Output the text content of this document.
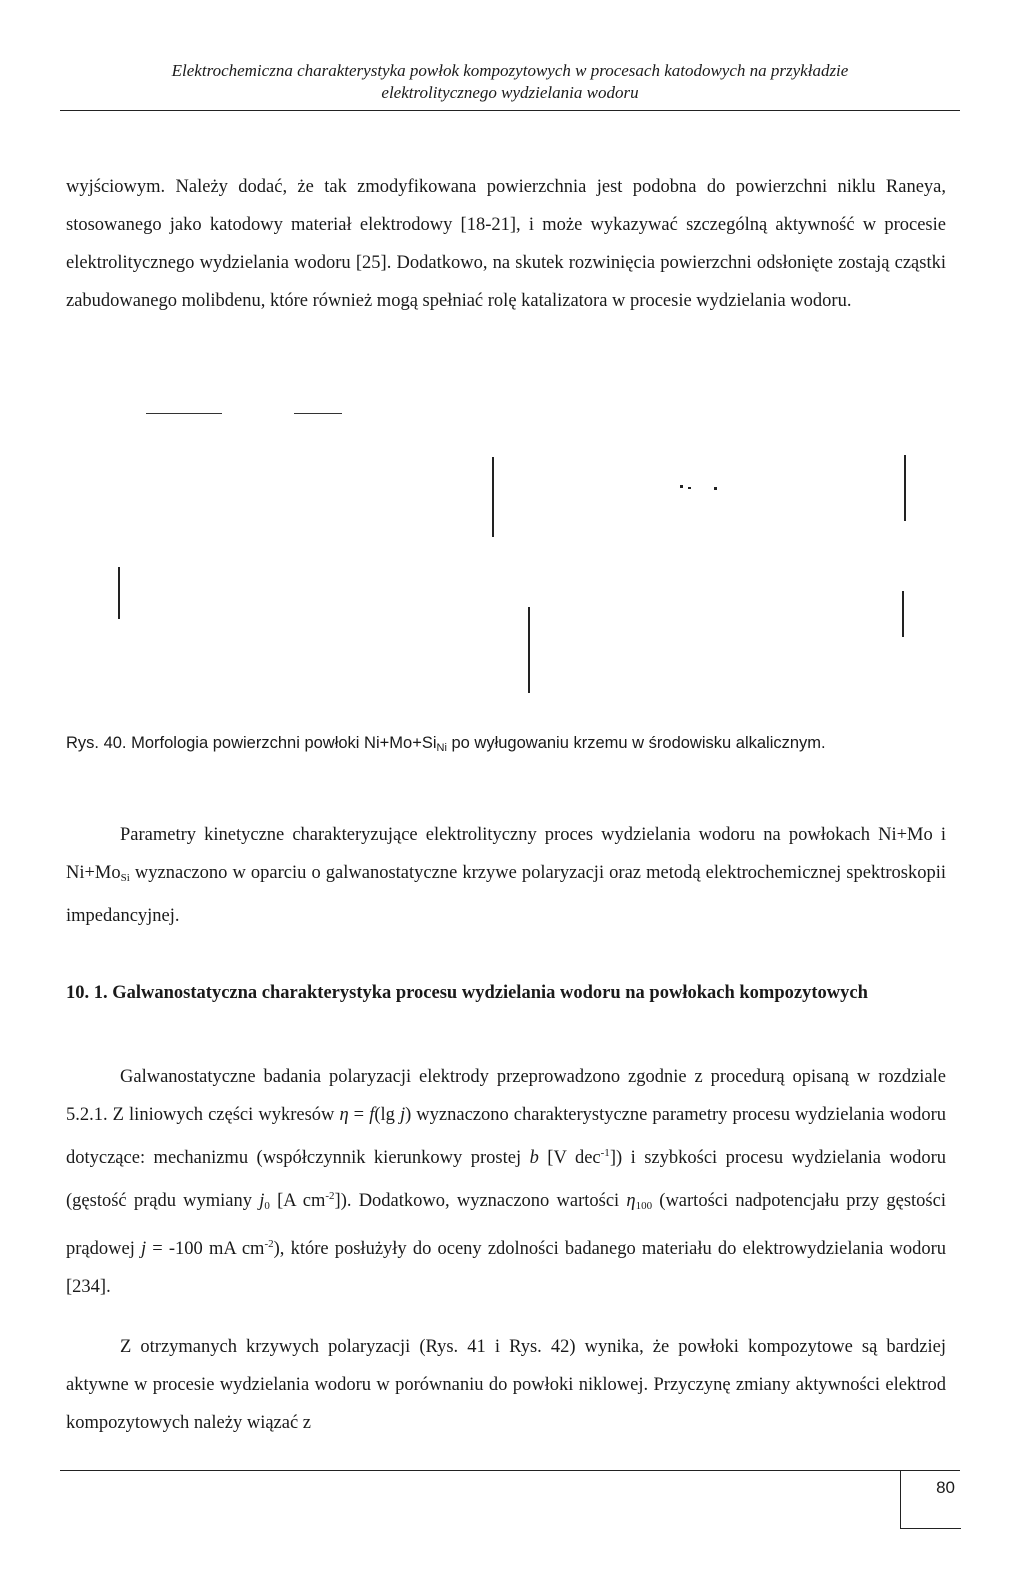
Elektrochemiczna charakterystyka powłok kompozytowych w procesach katodowych na przykładzie
elektrolitycznego wydzielania wodoru
wyjściowym. Należy dodać, że tak zmodyfikowana powierzchnia jest podobna do powierzchni niklu Raneya, stosowanego jako katodowy materiał elektrodowy [18-21], i może wykazywać szczególną aktywność w procesie elektrolitycznego wydzielania wodoru [25]. Dodatkowo, na skutek rozwinięcia powierzchni odsłonięte zostają cząstki zabudowanego molibdenu, które również mogą spełniać rolę katalizatora w procesie wydzielania wodoru.
Rys. 40. Morfologia powierzchni powłoki $Ni+Mo+Si_{Ni}$ po wyługowaniu krzemu w środowisku alkalicznym.
Parametry kinetyczne charakteryzujące elektrolityczny proces wydzielania wodoru na powłokach Ni+Mo i $Ni+Mo_{Si}$ wyznaczono w oparciu o galwanostatyczne krzywe polaryzacji oraz metodą elektrochemicznej spektroskopii impedancyjnej.
10. 1. Galwanostatyczna charakterystyka procesu wydzielania wodoru na powłokach kompozytowych
Galwanostatyczne badania polaryzacji elektrody przeprowadzono zgodnie z procedurą opisaną w rozdziale 5.2.1. Z liniowych części wykresów η = f(lg j) wyznaczono charakterystyczne parametry procesu wydzielania wodoru dotyczące: mechanizmu (współczynnik kierunkowy prostej b [V dec$^{-1}$]) i szybkości procesu wydzielania wodoru (gęstość prądu wymiany $j_0$ [A $cm^{-2}$]). Dodatkowo, wyznaczono wartości $\eta_{100}$ (wartości nadpotencjału przy gęstości prądowej j = -100 mA $cm^{-2}$), które posłużyły do oceny zdolności badanego materiału do elektrowydzielania wodoru [234].
Z otrzymanych krzywych polaryzacji (Rys. 41 i Rys. 42) wynika, że powłoki kompozytowe są bardziej aktywne w procesie wydzielania wodoru w porównaniu do powłoki niklowej. Przyczynę zmiany aktywności elektrod kompozytowych należy wiązać z
80
